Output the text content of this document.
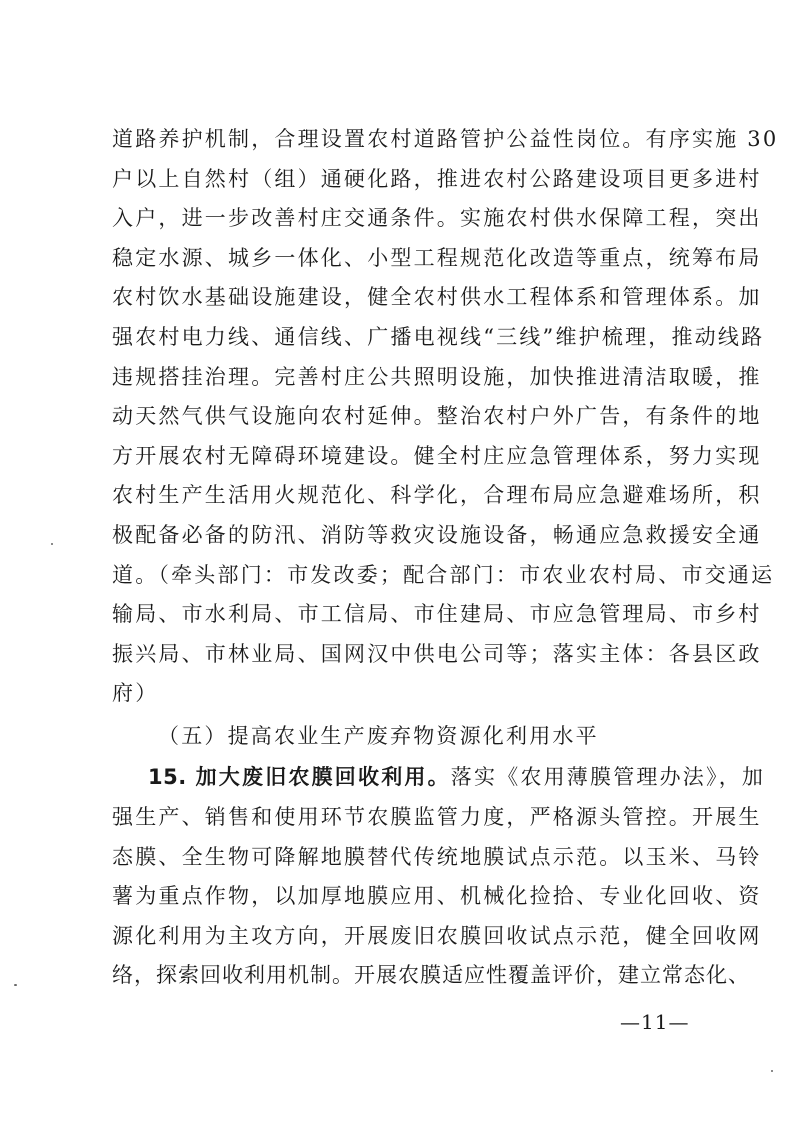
道路养护机制，合理设置农村道路管护公益性岗位。有序实施 30
户以上自然村（组）通硬化路，推进农村公路建设项目更多进村
入户，进一步改善村庄交通条件。实施农村供水保障工程，突出
稳定水源、城乡一体化、小型工程规范化改造等重点，统筹布局
农村饮水基础设施建设，健全农村供水工程体系和管理体系。加
强农村电力线、通信线、广播电视线“三线”维护梳理，推动线路
违规搭挂治理。完善村庄公共照明设施，加快推进清洁取暖，推
动天然气供气设施向农村延伸。整治农村户外广告，有条件的地
方开展农村无障碍环境建设。健全村庄应急管理体系，努力实现
农村生产生活用火规范化、科学化，合理布局应急避难场所，积
极配备必备的防汛、消防等救灾设施设备，畅通应急救援安全通
道。（牵头部门：市发改委；配合部门：市农业农村局、市交通运
输局、市水利局、市工信局、市住建局、市应急管理局、市乡村
振兴局、市林业局、国网汉中供电公司等；落实主体：各县区政
府）
（五）提高农业生产废弃物资源化利用水平
15. 加大废旧农膜回收利用。落实《农用薄膜管理办法》，加
强生产、销售和使用环节农膜监管力度，严格源头管控。开展生
态膜、全生物可降解地膜替代传统地膜试点示范。以玉米、马铃
薯为重点作物，以加厚地膜应用、机械化捡拾、专业化回收、资
源化利用为主攻方向，开展废旧农膜回收试点示范，健全回收网
络，探索回收利用机制。开展农膜适应性覆盖评价，建立常态化、
—11—
